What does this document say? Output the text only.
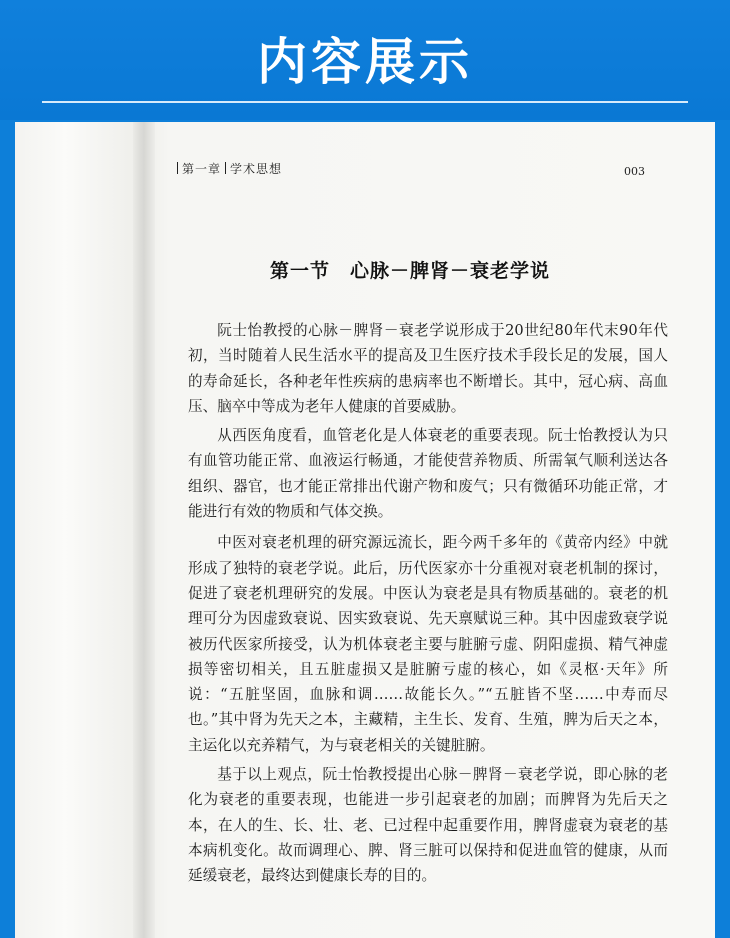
内容展示
第一章 学术思想	003
第一节　心脉－脾肾－衰老学说

阮士怡教授的心脉－脾肾－衰老学说形成于20世纪80年代末90年代初，当时随着人民生活水平的提高及卫生医疗技术手段长足的发展，国人的寿命延长，各种老年性疾病的患病率也不断增长。其中，冠心病、高血压、脑卒中等成为老年人健康的首要威胁。

从西医角度看，血管老化是人体衰老的重要表现。阮士怡教授认为只有血管功能正常、血液运行畅通，才能使营养物质、所需氧气顺利送达各组织、器官，也才能正常排出代谢产物和废气；只有微循环功能正常，才能进行有效的物质和气体交换。

中医对衰老机理的研究源远流长，距今两千多年的《黄帝内经》中就形成了独特的衰老学说。此后，历代医家亦十分重视对衰老机制的探讨，促进了衰老机理研究的发展。中医认为衰老是具有物质基础的。衰老的机理可分为因虚致衰说、因实致衰说、先天禀赋说三种。其中因虚致衰学说被历代医家所接受，认为机体衰老主要与脏腑亏虚、阴阳虚损、精气神虚损等密切相关，且五脏虚损又是脏腑亏虚的核心，如《灵枢·天年》所说：“五脏坚固，血脉和调……故能长久。”“五脏皆不坚……中寿而尽也。”其中肾为先天之本，主藏精，主生长、发育、生殖，脾为后天之本，主运化以充养精气，为与衰老相关的关键脏腑。

基于以上观点，阮士怡教授提出心脉－脾肾－衰老学说，即心脉的老化为衰老的重要表现，也能进一步引起衰老的加剧；而脾肾为先后天之本，在人的生、长、壮、老、已过程中起重要作用，脾肾虚衰为衰老的基本病机变化。故而调理心、脾、肾三脏可以保持和促进血管的健康，从而延缓衰老，最终达到健康长寿的目的。
